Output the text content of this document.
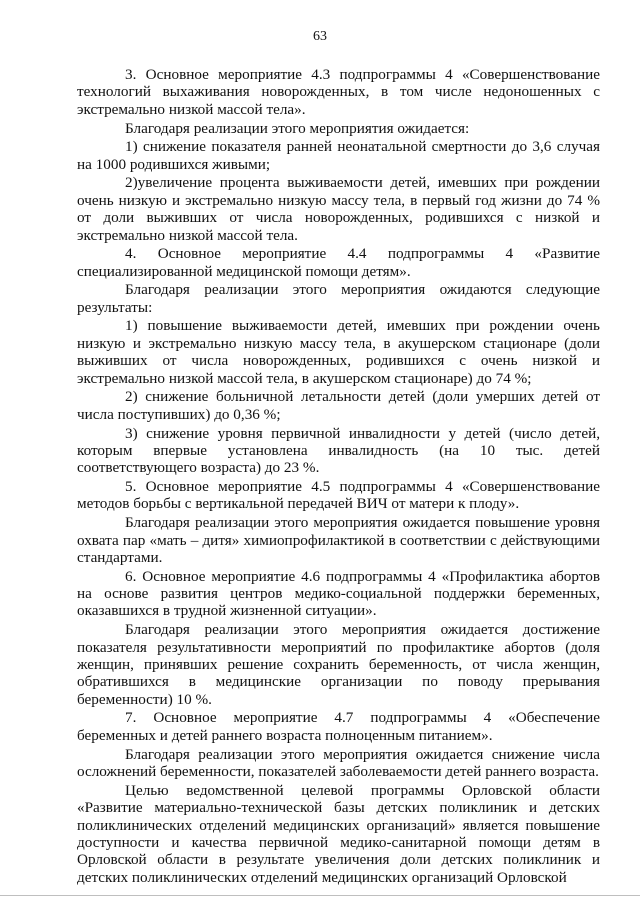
63

3. Основное мероприятие 4.3 подпрограммы 4 «Совершенствование технологий выхаживания новорожденных, в том числе недоношенных с экстремально низкой массой тела».

Благодаря реализации этого мероприятия ожидается:

1) снижение показателя ранней неонатальной смертности до 3,6 случая на 1000 родившихся живыми;

2)увеличение процента выживаемости детей, имевших при рождении очень низкую и экстремально низкую массу тела, в первый год жизни до 74 % от доли выживших от числа новорожденных, родившихся с низкой и экстремально низкой массой тела.

4. Основное мероприятие 4.4 подпрограммы 4 «Развитие специализированной медицинской помощи детям».

Благодаря реализации этого мероприятия ожидаются следующие результаты:

1) повышение выживаемости детей, имевших при рождении очень низкую и экстремально низкую массу тела, в акушерском стационаре (доли выживших от числа новорожденных, родившихся с очень низкой и экстремально низкой массой тела, в акушерском стационаре) до 74 %;

2) снижение больничной летальности детей (доли умерших детей от числа поступивших) до 0,36 %;

3) снижение уровня первичной инвалидности у детей (число детей, которым впервые установлена инвалидность (на 10 тыс. детей соответствующего возраста) до 23 %.

5. Основное мероприятие 4.5 подпрограммы 4 «Совершенствование методов борьбы с вертикальной передачей ВИЧ от матери к плоду».

Благодаря реализации этого мероприятия ожидается повышение уровня охвата пар «мать – дитя» химиопрофилактикой в соответствии с действующими стандартами.

6. Основное мероприятие 4.6 подпрограммы 4 «Профилактика абортов на основе развития центров медико-социальной поддержки беременных, оказавшихся в трудной жизненной ситуации».

Благодаря реализации этого мероприятия ожидается достижение показателя результативности мероприятий по профилактике абортов (доля женщин, принявших решение сохранить беременность, от числа женщин, обратившихся в медицинские организации по поводу прерывания беременности) 10 %.

7. Основное мероприятие 4.7 подпрограммы 4 «Обеспечение беременных и детей раннего возраста полноценным питанием».

Благодаря реализации этого мероприятия ожидается снижение числа осложнений беременности, показателей заболеваемости детей раннего возраста.

Целью ведомственной целевой программы Орловской области «Развитие материально-технической базы детских поликлиник и детских поликлинических отделений медицинских организаций» является повышение доступности и качества первичной медико-санитарной помощи детям в Орловской области в результате увеличения доли детских поликлиник и детских поликлинических отделений медицинских организаций Орловской
